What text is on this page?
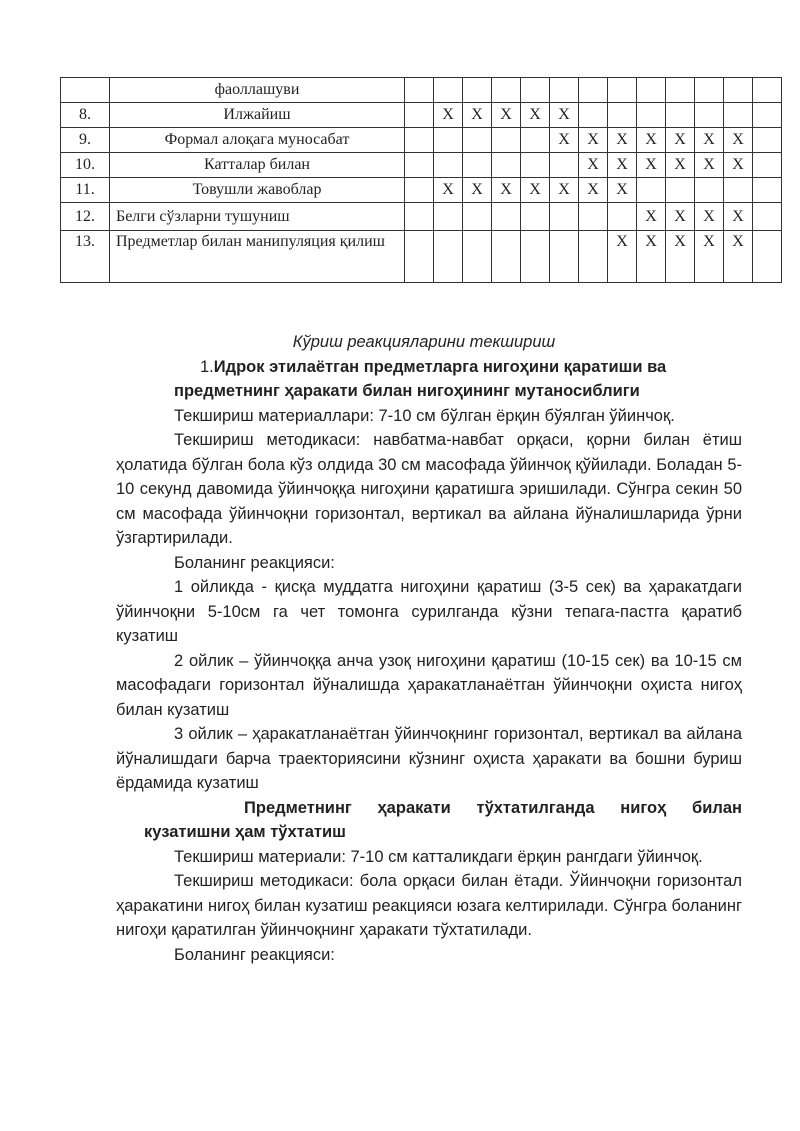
	фаоллашуви													
8.	Илжайиш		X	X	X	X	X							
9.	Формал алоқага муносабат						X	X	X	X	X	X	X	
10.	Катталар билан							X	X	X	X	X	X	
11.	Товушли жавоблар		X	X	X	X	X	X	X					
12.	Белги сўзларни тушуниш									X	X	X	X	
13.	Предметлар билан манипуляция қилиш								X	X	X	X	X	

Кўриш реакцияларини текшириш

1.Идрок этилаётган предметларга нигоҳини қаратиши ва предметнинг ҳаракати билан нигоҳининг мутаносиблиги

Текшириш материаллари: 7-10 см бўлган ёрқин бўялган ўйинчоқ.

Текшириш методикаси: навбатма-навбат орқаси, қорни билан ётиш ҳолатида бўлган бола кўз олдида 30 см масофада ўйинчоқ қўйилади. Боладан 5-10 секунд давомида ўйинчоққа нигоҳини қаратишга эришилади. Сўнгра секин 50 см масофада ўйинчоқни горизонтал, вертикал ва айлана йўналишларида ўрни ўзгартирилади.

Боланинг реакцияси:

1 ойликда - қисқа муддатга нигоҳини қаратиш (3-5 сек) ва ҳаракатдаги ўйинчоқни 5-10см га чет томонга сурилганда кўзни тепага-пастга қаратиб кузатиш

2 ойлик – ўйинчоққа анча узоқ нигоҳини қаратиш (10-15 сек) ва 10-15 см масофадаги горизонтал йўналишда ҳаракатланаётган ўйинчоқни оҳиста нигоҳ билан кузатиш

3 ойлик – ҳаракатланаётган ўйинчоқнинг горизонтал, вертикал ва айлана йўналишдаги барча траекториясини кўзнинг оҳиста ҳаракати ва бошни буриш ёрдамида кузатиш

Предметнинг ҳаракати тўхтатилганда нигоҳ билан кузатишни ҳам тўхтатиш

Текшириш материали: 7-10 см катталикдаги ёрқин рангдаги ўйинчоқ.

Текшириш методикаси: бола орқаси билан ётади. Ўйинчоқни горизонтал ҳаракатини нигоҳ билан кузатиш реакцияси юзага келтирилади. Сўнгра боланинг нигоҳи қаратилган ўйинчоқнинг ҳаракати тўхтатилади.

Боланинг реакцияси:
